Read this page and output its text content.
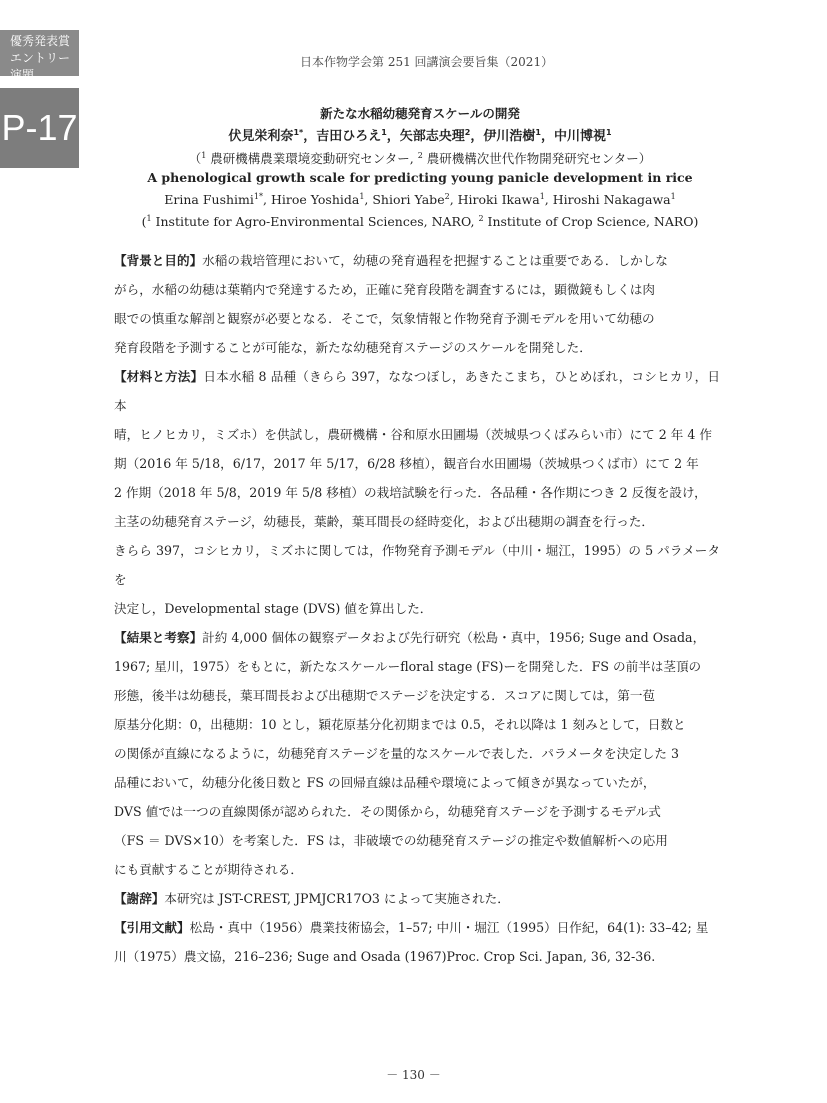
優秀発表賞
エントリー演題
P-17
日本作物学会第 251 回講演会要旨集（2021）
新たな水稲幼穂発育スケールの開発
伏見栄利奈$^{1*}$，吉田ひろえ$^1$，矢部志央理$^2$，伊川浩樹$^1$，中川博視$^1$
（$^1$ 農研機構農業環境変動研究センター, $^2$ 農研機構次世代作物開発研究センター）
A phenological growth scale for predicting young panicle development in rice
Erina Fushimi$^{1*}$, Hiroe Yoshida$^1$, Shiori Yabe$^2$, Hiroki Ikawa$^1$, Hiroshi Nakagawa$^1$
($^1$ Institute for Agro-Environmental Sciences, NARO, $^2$ Institute of Crop Science, NARO)

【背景と目的】水稲の栽培管理において，幼穂の発育過程を把握することは重要である．しかしな

がら，水稲の幼穂は葉鞘内で発達するため，正確に発育段階を調査するには，顕微鏡もしくは肉

眼での慎重な解剖と観察が必要となる．そこで，気象情報と作物発育予測モデルを用いて幼穂の

発育段階を予測することが可能な，新たな幼穂発育ステージのスケールを開発した．

【材料と方法】日本水稲 8 品種（きらら 397，ななつぼし，あきたこまち，ひとめぼれ，コシヒカリ，日本

晴，ヒノヒカリ，ミズホ）を供試し，農研機構・谷和原水田圃場（茨城県つくばみらい市）にて 2 年 4 作

期（2016 年 5/18，6/17，2017 年 5/17，6/28 移植），観音台水田圃場（茨城県つくば市）にて 2 年

2 作期（2018 年 5/8，2019 年 5/8 移植）の栽培試験を行った．各品種・各作期につき 2 反復を設け，

主茎の幼穂発育ステージ，幼穂長，葉齢，葉耳間長の経時変化，および出穂期の調査を行った．

きらら 397，コシヒカリ，ミズホに関しては，作物発育予測モデル（中川・堀江，1995）の 5 パラメータを

決定し，Developmental stage (DVS) 値を算出した．

【結果と考察】計約 4,000 個体の観察データおよび先行研究（松島・真中，1956; Suge and Osada，

1967; 星川，1975）をもとに，新たなスケールーfloral stage (FS)ーを開発した．FS の前半は茎頂の

形態，後半は幼穂長，葉耳間長および出穂期でステージを決定する．スコアに関しては，第一苞

原基分化期：0，出穂期：10 とし，穎花原基分化初期までは 0.5，それ以降は 1 刻みとして，日数と

の関係が直線になるように，幼穂発育ステージを量的なスケールで表した．パラメータを決定した 3

品種において，幼穂分化後日数と FS の回帰直線は品種や環境によって傾きが異なっていたが，

DVS 値では一つの直線関係が認められた．その関係から，幼穂発育ステージを予測するモデル式

（FS ＝ DVS×10）を考案した．FS は，非破壊での幼穂発育ステージの推定や数値解析への応用

にも貢献することが期待される．

【謝辞】本研究は JST-CREST, JPMJCR17O3 によって実施された．

【引用文献】松島・真中（1956）農業技術協会，1–57; 中川・堀江（1995）日作紀，64(1): 33–42; 星

川（1975）農文協，216–236; Suge and Osada (1967)Proc. Crop Sci. Japan, 36, 32-36.

－ 130 －
